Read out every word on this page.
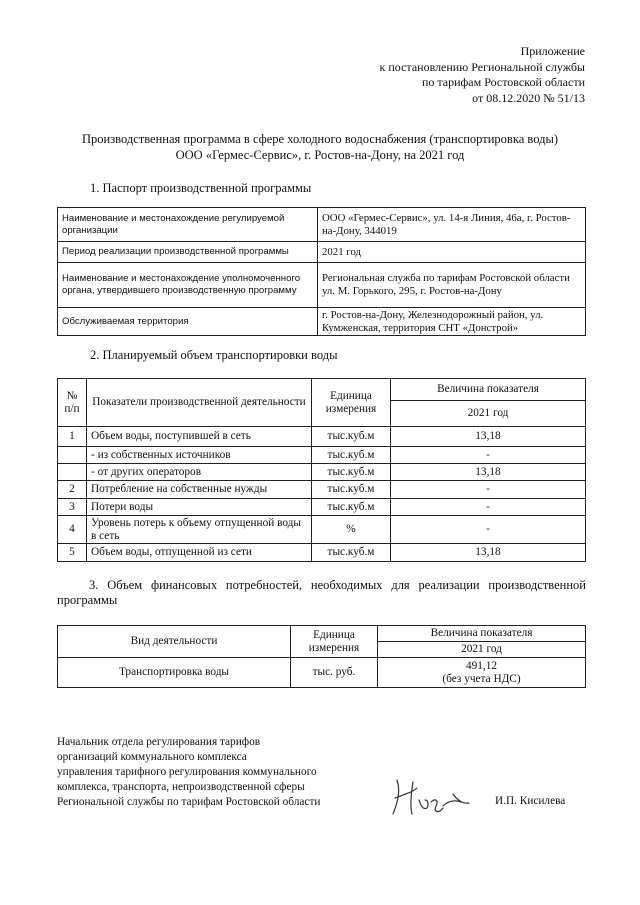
Приложение
к постановлению Региональной службы
по тарифам Ростовской области
от 08.12.2020 № 51/13
Производственная программа в сфере холодного водоснабжения (транспортировка воды)
ООО «Гермес-Сервис», г. Ростов-на-Дону, на 2021 год
1. Паспорт производственной программы
Наименование и местонахождение регулируемой организации	ООО «Гермес-Сервис», ул. 14-я Линия, 46а, г. Ростов-на-Дону, 344019
Период реализации производственной программы	2021 год
Наименование и местонахождение уполномоченного органа, утвердившего производственную программу	Региональная служба по тарифам Ростовской области ул. М. Горького, 295, г. Ростов-на-Дону
Обслуживаемая территория	г. Ростов-на-Дону, Железнодорожный район, ул. Кумженская, территория СНТ «Донстрой»
2. Планируемый объем транспортировки воды
№ п/п	Показатели производственной деятельности	Единица измерения	Величина показателя
			2021 год
1	Объем воды, поступившей в сеть	тыс.куб.м	13,18
	- из собственных источников	тыс.куб.м	-
	- от других операторов	тыс.куб.м	13,18
2	Потребление на собственные нужды	тыс.куб.м	-
3	Потери воды	тыс.куб.м	-
4	Уровень потерь к объему отпущенной воды в сеть	%	-
5	Объем воды, отпущенной из сети	тыс.куб.м	13,18
3. Объем финансовых потребностей, необходимых для реализации производственной программы
Вид деятельности	Единица измерения	Величина показателя
		2021 год
Транспортировка воды	тыс. руб.	491,12
(без учета НДС)
Начальник отдела регулирования тарифов
организаций коммунального комплекса
управления тарифного регулирования коммунального
комплекса, транспорта, непроизводственной сферы
Региональной службы по тарифам Ростовской области	И.П. Кисилева
